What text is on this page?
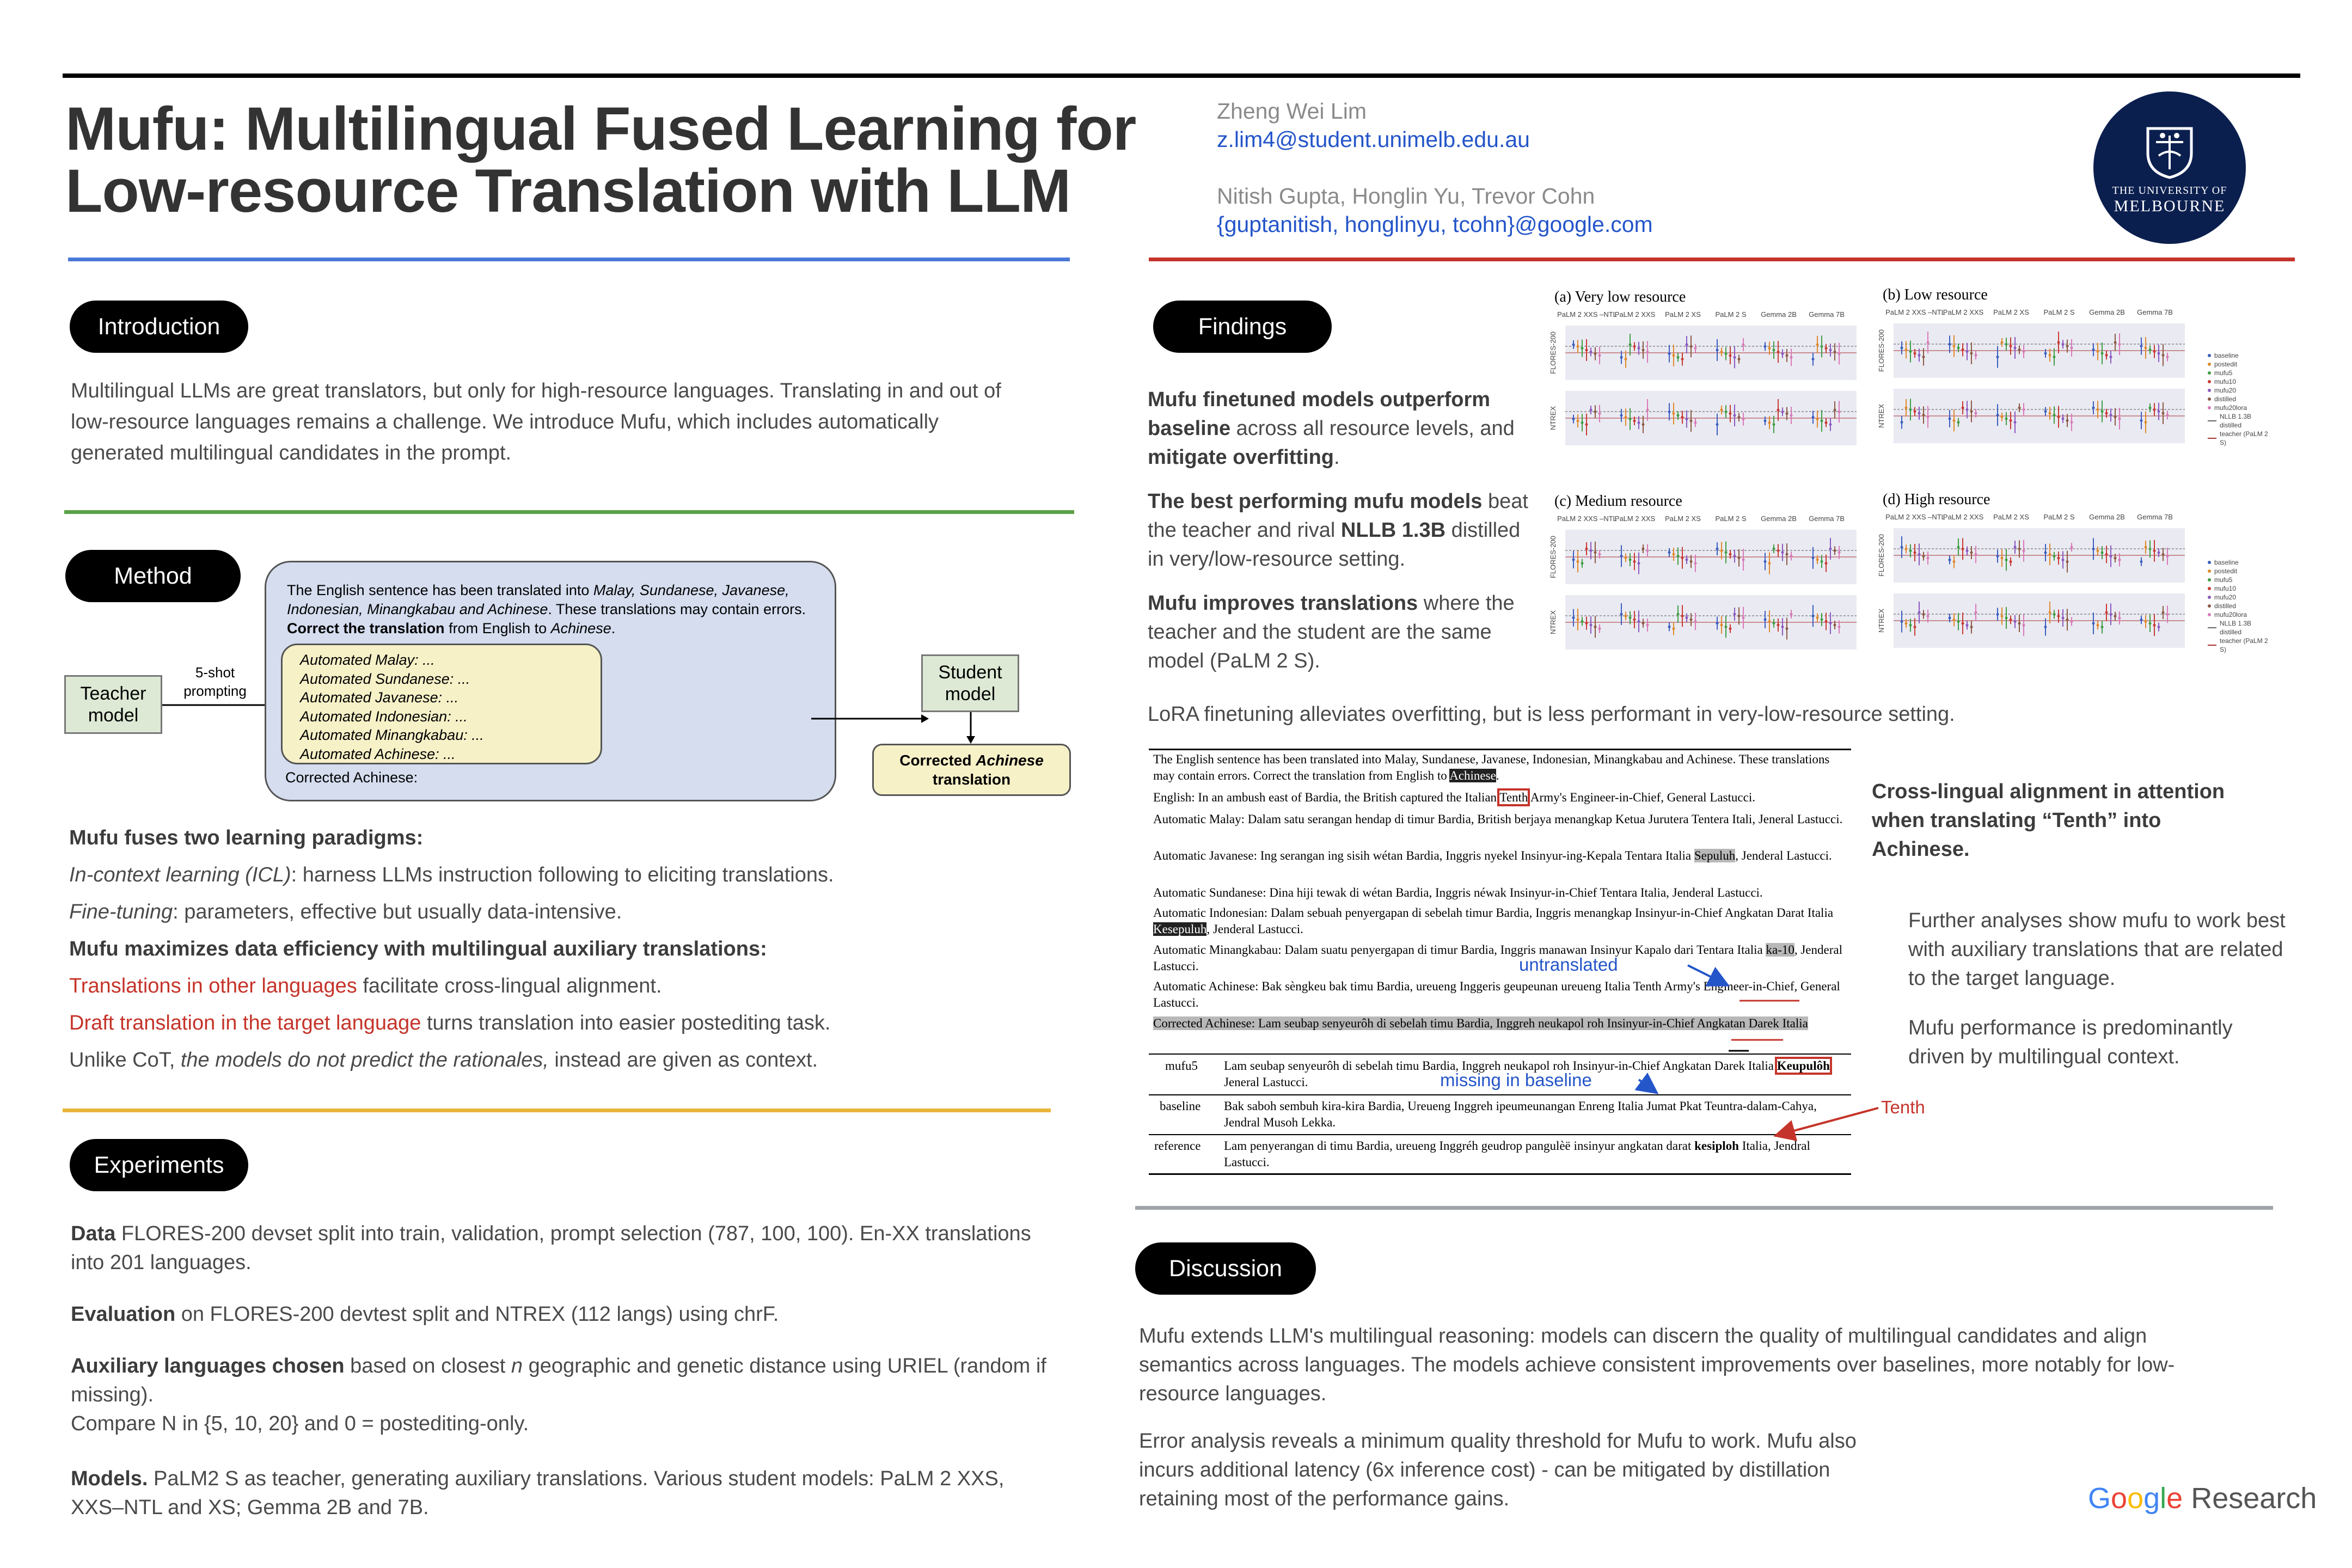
Mufu: Multilingual Fused Learning for
Low-resource Translation with LLM
Zheng Wei Lim
z.lim4@student.unimelb.edu.au
Nitish Gupta, Honglin Yu, Trevor Cohn
{guptanitish, honglinyu, tcohn}@google.com
THE UNIVERSITY OF
MELBOURNE
Introduction
Multilingual LLMs are great translators, but only for high-resource languages. Translating in and out of low-resource languages remains a challenge. We introduce Mufu, which includes automatically generated multilingual candidates in the prompt.
Method
Teacher model
5-shot prompting
The English sentence has been translated into Malay, Sundanese, Javanese, Indonesian, Minangkabau and Achinese. These translations may contain errors. Correct the translation from English to Achinese.
Automated Malay: ...
Automated Sundanese: ...
Automated Javanese: ...
Automated Indonesian: ...
Automated Minangkabau: ...
Automated Achinese: ...
Corrected Achinese:
Student model
Corrected Achinese
translation
Mufu fuses two learning paradigms:
In-context learning (ICL): harness LLMs instruction following to eliciting translations.
Fine-tuning: parameters, effective but usually data-intensive.
Mufu maximizes data efficiency with multilingual auxiliary translations:
Translations in other languages facilitate cross-lingual alignment.
Draft translation in the target language turns translation into easier postediting task.
Unlike CoT, the models do not predict the rationales, instead are given as context.
Experiments
Data FLORES-200 devset split into train, validation, prompt selection (787, 100, 100). En-XX translations into 201 languages.
Evaluation on FLORES-200 devtest split and NTREX (112 langs) using chrF.
Auxiliary languages chosen based on closest n geographic and genetic distance using URIEL (random if missing).
Compare N in {5, 10, 20} and 0 = postediting-only.
Models. PaLM2 S as teacher, generating auxiliary translations. Various student models: PaLM 2 XXS, XXS–NTL and XS; Gemma 2B and 7B.
Findings
Mufu finetuned models outperform baseline across all resource levels, and mitigate overfitting.
The best performing mufu models beat the teacher and rival NLLB 1.3B distilled in very/low-resource setting.
Mufu improves translations where the teacher and the student are the same model (PaLM 2 S).
LoRA finetuning alleviates overfitting, but is less performant in very-low-resource setting.
(a) Very low resource
PaLM 2 XXS –NTL
PaLM 2 XXS PaLM 2 XS PaLM 2 S Gemma 2B Gemma 7B
FLORES-200
NTREX
(b) Low resource
PaLM 2 XXS –NTL
PaLM 2 XXS PaLM 2 XS PaLM 2 S Gemma 2B Gemma 7B
FLORES-200
NTREX
(c) Medium resource
PaLM 2 XXS –NTL
PaLM 2 XXS PaLM 2 XS PaLM 2 S Gemma 2B Gemma 7B
FLORES-200
NTREX
(d) High resource
PaLM 2 XXS –NTL
PaLM 2 XXS PaLM 2 XS PaLM 2 S Gemma 2B Gemma 7B
FLORES-200
NTREX
baseline
postedit
mufu5
mufu10
mufu20
distilled
mufu20lora
NLLB 1.3B distilled
teacher (PaLM 2 S)
baseline
postedit
mufu5
mufu10
mufu20
distilled
mufu20lora
NLLB 1.3B distilled
teacher (PaLM 2 S)
The English sentence has been translated into Malay, Sundanese, Javanese, Indonesian, Minangkabau and Achinese. These translations may contain errors. Correct the translation from English to Achinese.
English: In an ambush east of Bardia, the British captured the Italian Tenth Army's Engineer-in-Chief, General Lastucci.
Automatic Malay: Dalam satu serangan hendap di timur Bardia, British berjaya menangkap Ketua Jurutera Tentera Itali, Jeneral Lastucci.
Automatic Javanese: Ing serangan ing sisih wétan Bardia, Inggris nyekel Insinyur-ing-Kepala Tentara Italia Sepuluh, Jenderal Lastucci.
Automatic Sundanese: Dina hiji tewak di wétan Bardia, Inggris néwak Insinyur-in-Chief Tentara Italia, Jenderal Lastucci.
Automatic Indonesian: Dalam sebuah penyergapan di sebelah timur Bardia, Inggris menangkap Insinyur-in-Chief Angkatan Darat Italia Kesepuluh, Jenderal Lastucci.
Automatic Minangkabau: Dalam suatu penyergapan di timur Bardia, Inggris manawan Insinyur Kapalo dari Tentara Italia ka-10, Jenderal Lastucci.
Automatic Achinese: Bak sèngkeu bak timu Bardia, ureueng Inggeris geupeunan ureueng Italia Tenth Army's Engineer-in-Chief, General Lastucci.
Corrected Achinese: Lam seubap senyeurôh di sebelah timu Bardia, Inggreh neukapol roh Insinyur-in-Chief Angkatan Darek Italia
mufu5 Lam seubap senyeurôh di sebelah timu Bardia, Inggreh neukapol roh Insinyur-in-Chief Angkatan Darek Italia Keupulôh Jeneral Lastucci.
baseline Bak saboh sembuh kira-kira Bardia, Ureueng Inggreh ipeumeunangan Enreng Italia Jumat Pkat Teuntra-dalam-Cahya, Jendral Musoh Lekka.
reference Lam penyerangan di timu Bardia, ureueng Inggréh geudrop pangulèë insinyur angkatan darat kesiploh Italia, Jendral Lastucci.
untranslated
missing in baseline
Tenth
Cross-lingual alignment in attention when translating “Tenth” into Achinese.
Further analyses show mufu to work best with auxiliary translations that are related to the target language.
Mufu performance is predominantly driven by multilingual context.
Discussion
Mufu extends LLM's multilingual reasoning: models can discern the quality of multilingual candidates and align semantics across languages. The models achieve consistent improvements over baselines, more notably for low-resource languages.
Error analysis reveals a minimum quality threshold for Mufu to work. Mufu also incurs additional latency (6x inference cost) - can be mitigated by distillation retaining most of the performance gains.	Google Research
